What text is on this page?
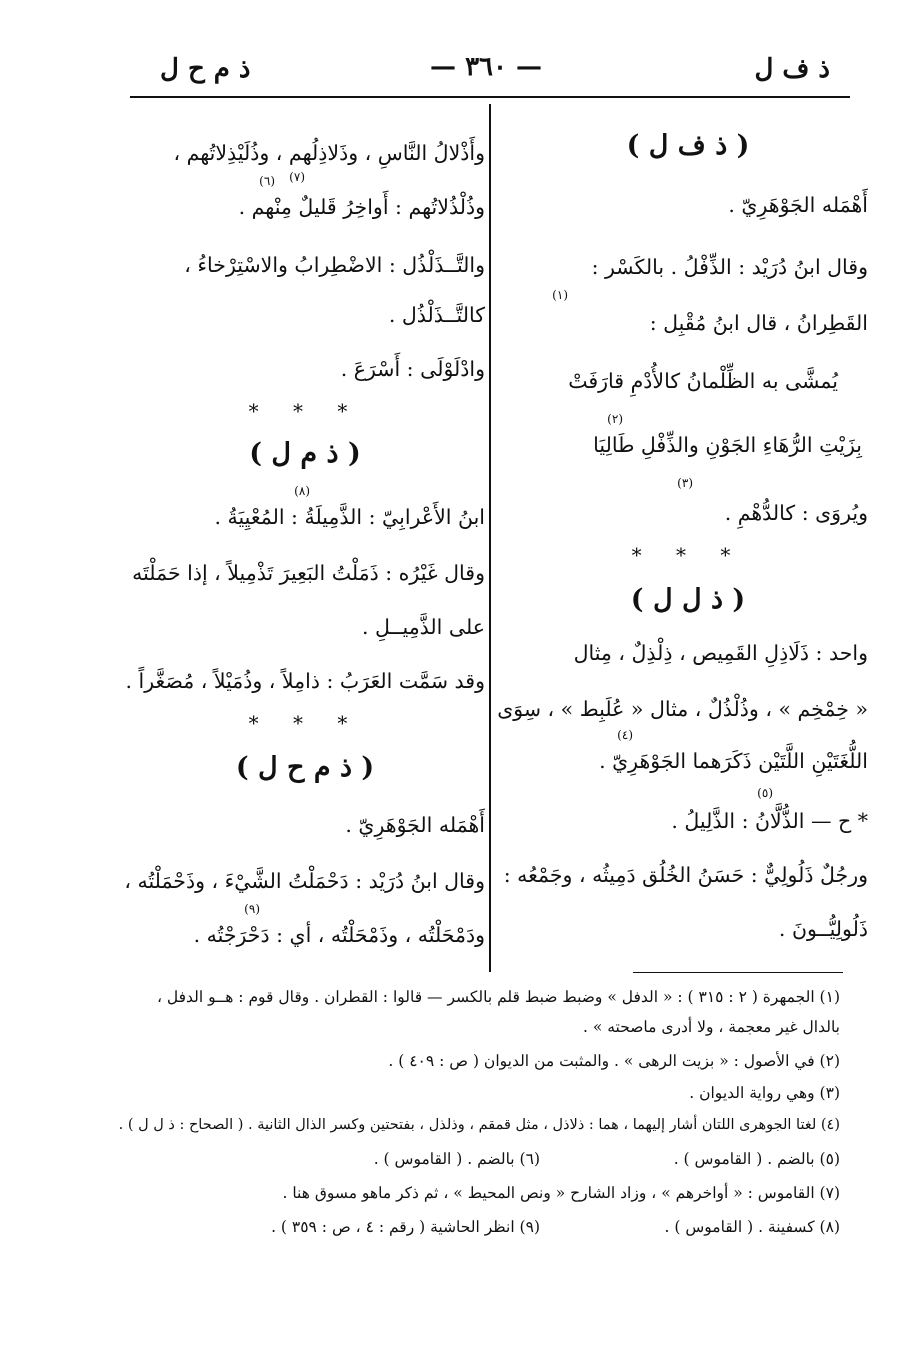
ذ ف ل
— ٣٦٠ —
ذ م ح ل
( ذ ف ل )
أَهْمَله الجَوْهَرِيّ .
وقال ابنُ دُرَيْد : الذِّفْلُ . بالكَسْر :
(١)
القَطِرانُ ، قال ابنُ مُقْبِل :
يُمشَّى به الظِّلْمانُ كالأُدْمِ قارَفَتْ
(٢)
بِزَيْتِ الرُّهَاءِ الجَوْنِ والذِّفْلِ طَالِيَا
(٣)
ويُروَى : كالدُّهْمِ .
* * *
( ذ ل ل )
واحد : ذَلَاذِلِ القَمِيص ، ذِلْذِلٌ ، مِثال
« خِمْخِم » ، وذُلْذُلٌ ، مثال « عُلَبِط » ، سِوَى
(٤)
اللُّغَتَيْنِ اللَّتَيْن ذَكَرَهما الجَوْهَرِيّ .
(٥)
* ح — الذُّلَّانُ : الذَّلِيلُ .
ورجُلٌ ذَلُولِيٌّ : حَسَنُ الخُلُق دَمِيثُه ، وجَمْعُه :
ذَلُولِيُّــونَ .
وأَذْلالُ النَّاسِ ، وذَلاذِلُهم ، وذُلَيْذِلاتُهم ،
(٦) (٧)
وذُلْذُلاتُهم : أَواخِرُ قَليلٌ مِنْهم .
والتَّــذَلْذُل : الاضْطِرابُ والاسْتِرْخاءُ ،
كالتَّــذَلْذُل .
وادْلَوْلَى : أَسْرَعَ .
* * *
( ذ م ل )
(٨)
ابنُ الأَعْرابِيّ : الذَّمِيلَةُ : المُعْيِيَةُ .
وقال غَيْرُه : ذَمَلْتُ البَعِيرَ تَذْمِيلاً ، إذا حَمَلْتَه
على الذَّمِيــلِ .
وقد سَمَّت العَرَبُ : ذامِلاً ، وذُمَيْلاً ، مُصَغَّراً .
* * *
( ذ م ح ل )
أَهْمَله الجَوْهَرِيّ .
وقال ابنُ دُرَيْد : دَحْمَلْتُ الشَّيْءَ ، وذَحْمَلْتُه ،
(٩)
ودَمْحَلْتُه ، وذَمْحَلْتُه ، أي : دَحْرَجْتُه .
(١) الجمهرة ( ٢ : ٣١٥ ) : « الدفل » وضبط ضبط قلم بالكسر — قالوا : القطران . وقال قوم : هــو الدفل ،
بالدال غير معجمة ، ولا أدرى ماصحته » .
(٢) في الأصول : « بزيت الرهى » . والمثبت من الديوان ( ص : ٤٠٩ ) .
(٣) وهي رواية الديوان .
(٤) لغتا الجوهرى اللتان أشار إليهما ، هما : ذلاذل ، مثل قمقم ، وذلذل ، بفتحتين وكسر الذال الثانية . ( الصحاح : ذ ل ل ) .
(٥) بالضم . ( القاموس ) .
(٦) بالضم . ( القاموس ) .
(٧) القاموس : « أواخرهم » ، وزاد الشارح « ونص المحيط » ، ثم ذكر ماهو مسوق هنا .
(٨) كسفينة . ( القاموس ) .
(٩) انظر الحاشية ( رقم : ٤ ، ص : ٣٥٩ ) .
